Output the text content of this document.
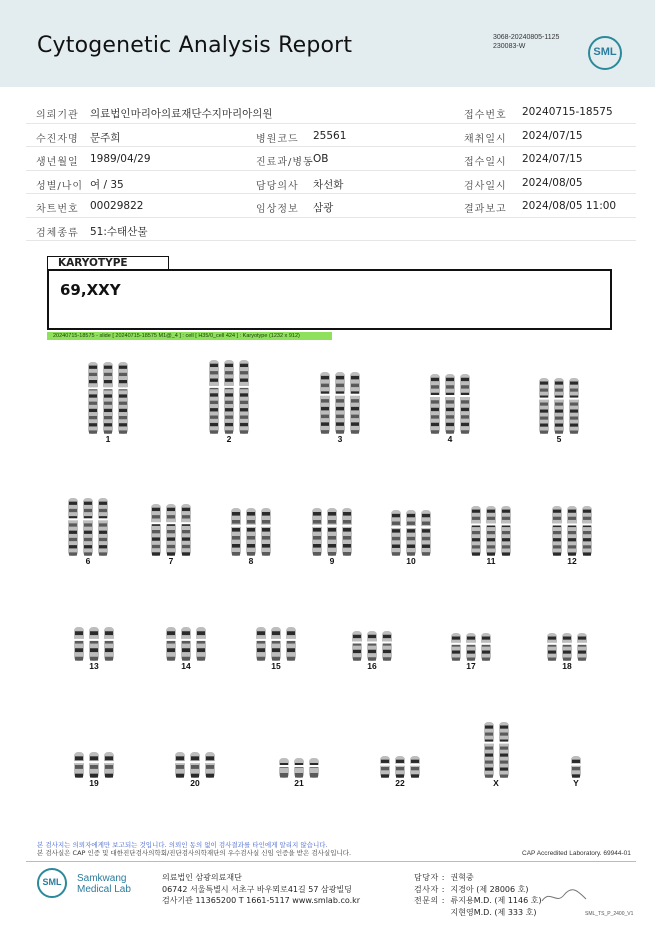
Cytogenetic Analysis Report	3068-20240805-1125
230083-W	SML
의뢰기관 의료법인마리아의료재단수지마리아의원	접수번호 20240715-18575
수진자명 문주희	병원코드 25561	채취일시 2024/07/15
생년월일 1989/04/29	진료과/병동 OB	접수일시 2024/07/15
성별/나이 여 / 35	담당의사 차선화	검사일시 2024/08/05
차트번호 00029822	임상정보 삼광	결과보고 2024/08/05 11:00
검체종류 51:수태산물
KARYOTYPE
69,XXY
20240715-18575 - slide [ 20240715-18575 M1@_4 ] : cell [ H35/0_cell 424 ] : Karyotype (1232 x 912)
1	2	3	4	5
6	7	8	9	10	11	12
13	14	15	16	17	18
19	20	21	22	X	Y
본 검사지는 의뢰자에게만 보고되는 것입니다. 의뢰인 동의 없이 검사결과를 타인에게 알리지 않습니다.
본 검사실은 CAP 인증 및 대한진단검사의학회/진단검사의학재단의 우수검사실 신임 인증을 받은 검사실입니다.	CAP Accredited Laboratory. 69944-01
SML	Samkwang
Medical Lab
의료법인 삼광의료재단
06742 서울특별시 서초구 바우뫼로41길 57 삼광빌딩
검사기관 11365200 T 1661-5117 www.smlab.co.kr
담당자 : 권혁중
검사자 : 지경아 (제 28006 호)
전문의 : 류지용M.D. (제 1146 호)
지현영M.D. (제 333 호)	SML_TS_P_2400_V1
